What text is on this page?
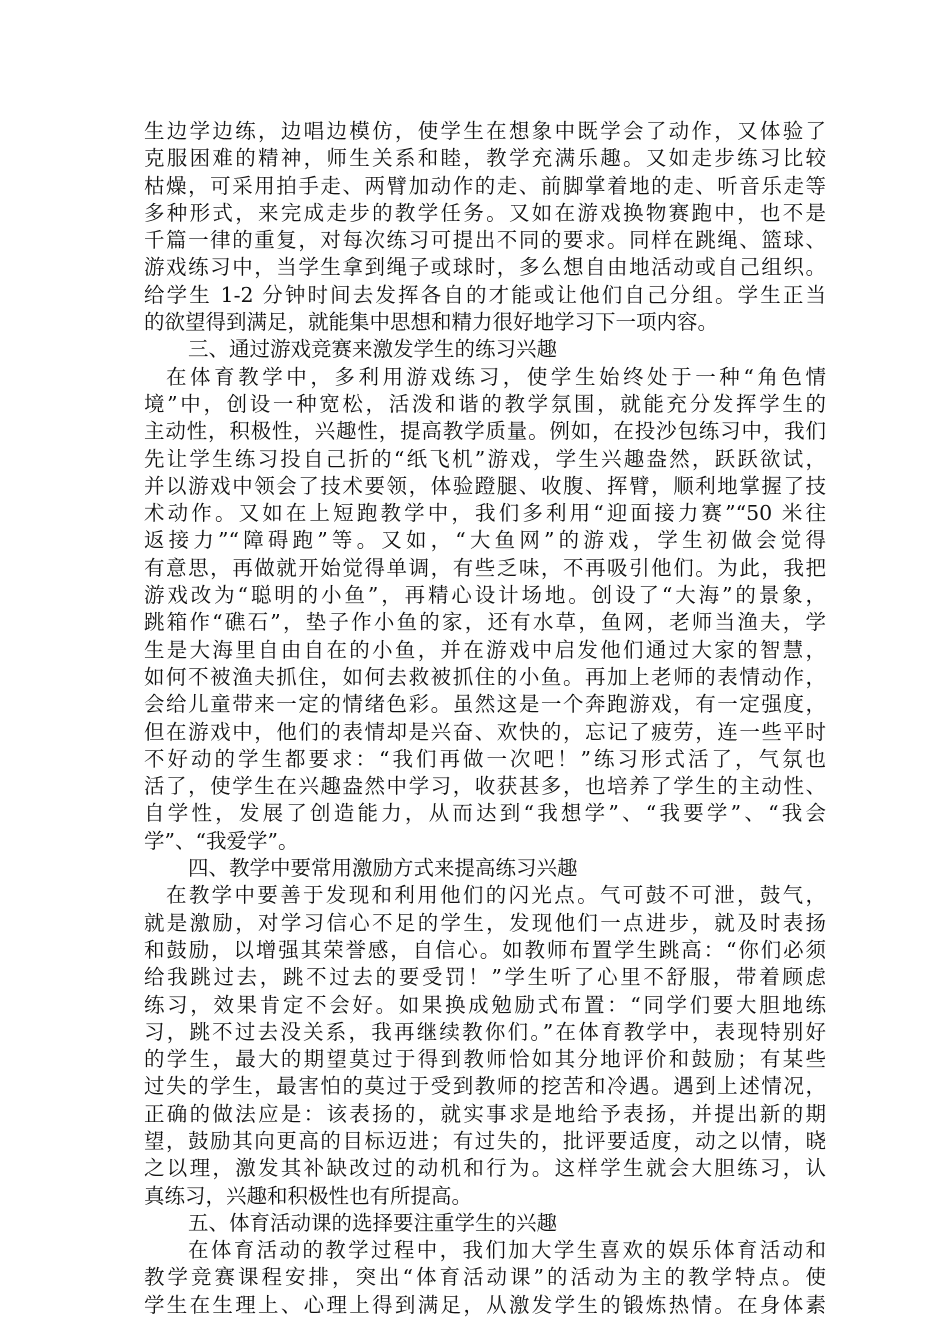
生边学边练，边唱边模仿，使学生在想象中既学会了动作，又体验了
克服困难的精神，师生关系和睦，教学充满乐趣。又如走步练习比较
枯燥，可采用拍手走、两臂加动作的走、前脚掌着地的走、听音乐走等
多种形式，来完成走步的教学任务。又如在游戏换物赛跑中，也不是
千篇一律的重复，对每次练习可提出不同的要求。同样在跳绳、篮球、
游戏练习中，当学生拿到绳子或球时，多么想自由地活动或自己组织。
给学生 1-2 分钟时间去发挥各自的才能或让他们自己分组。学生正当
的欲望得到满足，就能集中思想和精力很好地学习下一项内容。
三、通过游戏竞赛来激发学生的练习兴趣
在体育教学中，多利用游戏练习，使学生始终处于一种“角色情
境”中，创设一种宽松，活泼和谐的教学氛围，就能充分发挥学生的
主动性，积极性，兴趣性，提高教学质量。例如，在投沙包练习中，我们
先让学生练习投自己折的“纸飞机”游戏，学生兴趣盎然，跃跃欲试，
并以游戏中领会了技术要领，体验蹬腿、收腹、挥臂，顺利地掌握了技
术动作。又如在上短跑教学中，我们多利用“迎面接力赛”“50 米往
返接力”“障碍跑”等。又如，“大鱼网”的游戏，学生初做会觉得
有意思，再做就开始觉得单调，有些乏味，不再吸引他们。为此，我把
游戏改为“聪明的小鱼”，再精心设计场地。创设了“大海”的景象，
跳箱作“礁石”，垫子作小鱼的家，还有水草，鱼网，老师当渔夫，学
生是大海里自由自在的小鱼，并在游戏中启发他们通过大家的智慧，
如何不被渔夫抓住，如何去救被抓住的小鱼。再加上老师的表情动作，
会给儿童带来一定的情绪色彩。虽然这是一个奔跑游戏，有一定强度，
但在游戏中，他们的表情却是兴奋、欢快的，忘记了疲劳，连一些平时
不好动的学生都要求：“我们再做一次吧！”练习形式活了，气氛也
活了，使学生在兴趣盎然中学习，收获甚多，也培养了学生的主动性、
自学性，发展了创造能力，从而达到“我想学”、“我要学”、“我会
学”、“我爱学”。
四、教学中要常用激励方式来提高练习兴趣
在教学中要善于发现和利用他们的闪光点。气可鼓不可泄，鼓气，
就是激励，对学习信心不足的学生，发现他们一点进步，就及时表扬
和鼓励，以增强其荣誉感，自信心。如教师布置学生跳高：“你们必须
给我跳过去，跳不过去的要受罚！”学生听了心里不舒服，带着顾虑
练习，效果肯定不会好。如果换成勉励式布置：“同学们要大胆地练
习，跳不过去没关系，我再继续教你们。”在体育教学中，表现特别好
的学生，最大的期望莫过于得到教师恰如其分地评价和鼓励；有某些
过失的学生，最害怕的莫过于受到教师的挖苦和冷遇。遇到上述情况，
正确的做法应是：该表扬的，就实事求是地给予表扬，并提出新的期
望，鼓励其向更高的目标迈进；有过失的，批评要适度，动之以情，晓
之以理，激发其补缺改过的动机和行为。这样学生就会大胆练习，认
真练习，兴趣和积极性也有所提高。
五、体育活动课的选择要注重学生的兴趣
在体育活动的教学过程中，我们加大学生喜欢的娱乐体育活动和
教学竞赛课程安排，突出“体育活动课”的活动为主的教学特点。使
学生在生理上、心理上得到满足，从激发学生的锻炼热情。在身体素
